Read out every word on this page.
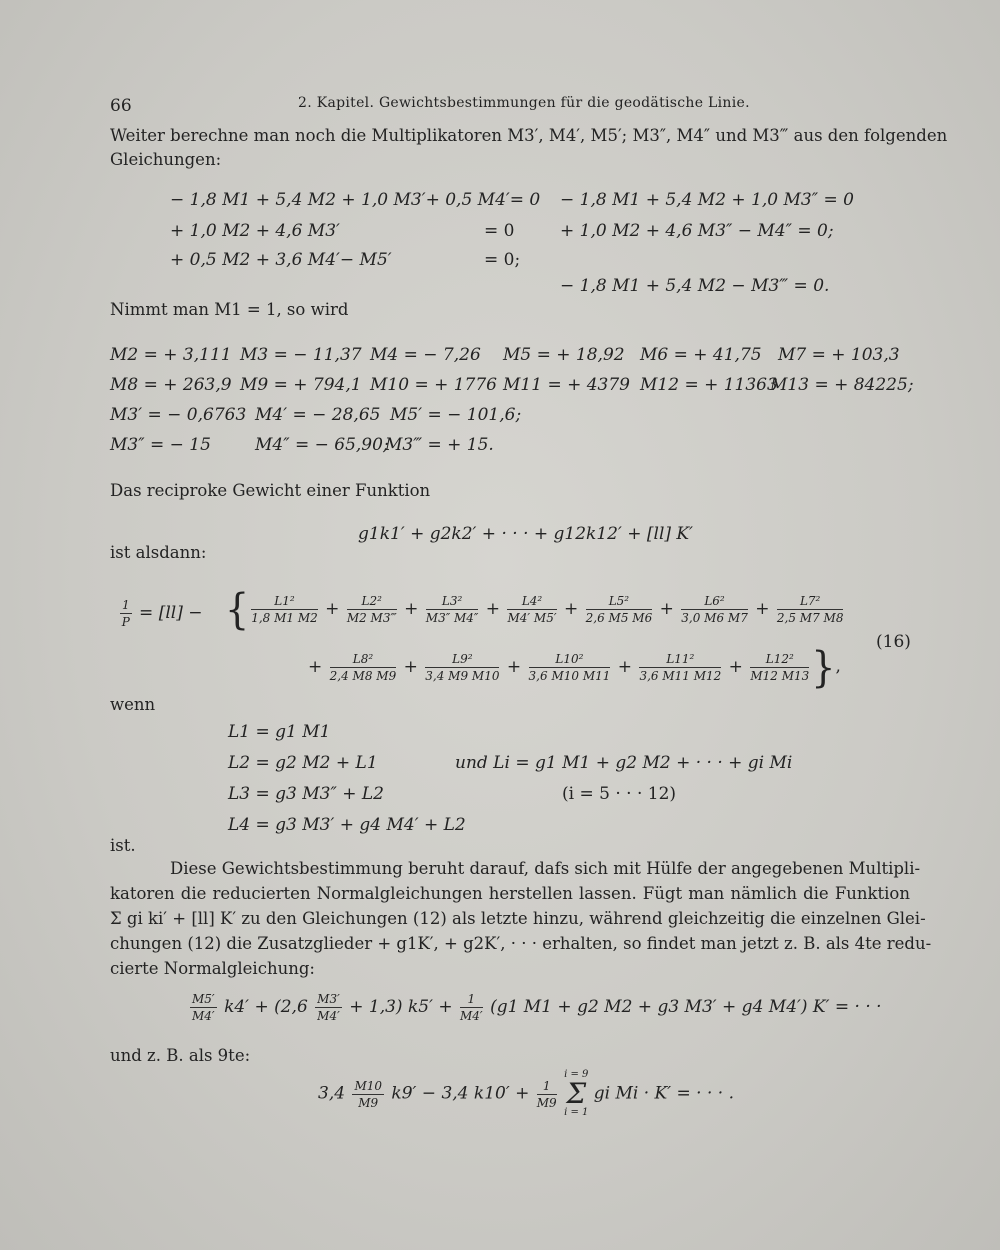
66	2. Kapitel. Gewichtsbestimmungen für die geodätische Linie.
Weiter berechne man noch die Multiplikatoren M3′, M4′, M5′; M3″, M4″ und M3‴ aus den folgenden
Gleichungen:
− 1,8 M1 + 5,4 M2 + 1,0 M3′+ 0,5 M4′= 0
+ 1,0 M2 + 4,6 M3′	= 0
+ 0,5 M2 + 3,6 M4′− M5′	= 0;
− 1,8 M1 + 5,4 M2 + 1,0 M3″ = 0
+ 1,0 M2 + 4,6 M3″ − M4″ = 0;
− 1,8 M1 + 5,4 M2 − M3‴ = 0.
Nimmt man M1 = 1, so wird
M2 = + 3,111 M3 = − 11,37 M4 = − 7,26 M5 = + 18,92 M6 = + 41,75 M7 = + 103,3
M8 = + 263,9 M9 = + 794,1 M10 = + 1776 M11 = + 4379 M12 = + 11363
M13 = + 84225;
M3′ = − 0,6763 M4′ = − 28,65 M5′ = − 101,6;
M3″ = − 15	M4″ = − 65,90;
M3‴ = + 15.
Das reciproke Gewicht einer Funktion
g1k1′ + g2k2′ + · · · + g12k12′ + [ll] K′
ist alsdann:
$\frac{1}{P} = [ll]$ − { $\frac{\text{L1²}}{1,8 M1 M2} + \frac{\text{L2²}}{M2 M3‴} + \frac{\text{L3²}}{M3'' M4''} + \frac{\text{L4²}}{M4' M5'} + \frac{\text{L5²}}{2,6 M5 M6} + \frac{\text{L6²}}{3,0 M6 M7} + \frac{\text{L7²}}{2,5 M7 M8}$
+ $\frac{\text{L8²}}{2,4 M8 M9} + \frac{\text{L9²}}{3,4 M9 M10} + \frac{\text{L10²}}{3,6 M10 M11} + \frac{\text{L11²}}{3,6 M11 M12} + \frac{\text{L12²}}{M12 M13}$ },
(16)
wenn
L1 = g1 M1
L2 = g2 M2 + L1
L3 = g3 M3″ + L2
L4 = g3 M3′ + g4 M4′ + L2
und Li = g1 M1 + g2 M2 + · · · + gi Mi
(i = 5 · · · 12)
ist.
Diese Gewichtsbestimmung beruht darauf, dafs sich mit Hülfe der angegebenen Multipli-
katoren die reducierten Normalgleichungen herstellen lassen. Fügt man nämlich die Funktion
Σ gi ki′ + [ll] K′ zu den Gleichungen (12) als letzte hinzu, während gleichzeitig die einzelnen Glei-
chungen (12) die Zusatzglieder + g1K′, + g2K′, · · · erhalten, so findet man jetzt z. B. als 4te redu-
cierte Normalgleichung:
$\frac{M5'}{M4'} k4' + (2,6 \frac{M3'}{M4'} + 1,3) k5' + \frac{1}{M4'} (g1$ M1 + g2 M2 + g3 M3′ + g4 M4′) K′ = · · ·
und z. B. als 9te:
$3,4 \frac{M10}{M9} k9' - 3,4$ $k10' + \frac{1}{M9}$

i = 9
Σ
i = 1
gi Mi · K′ = · · · .
